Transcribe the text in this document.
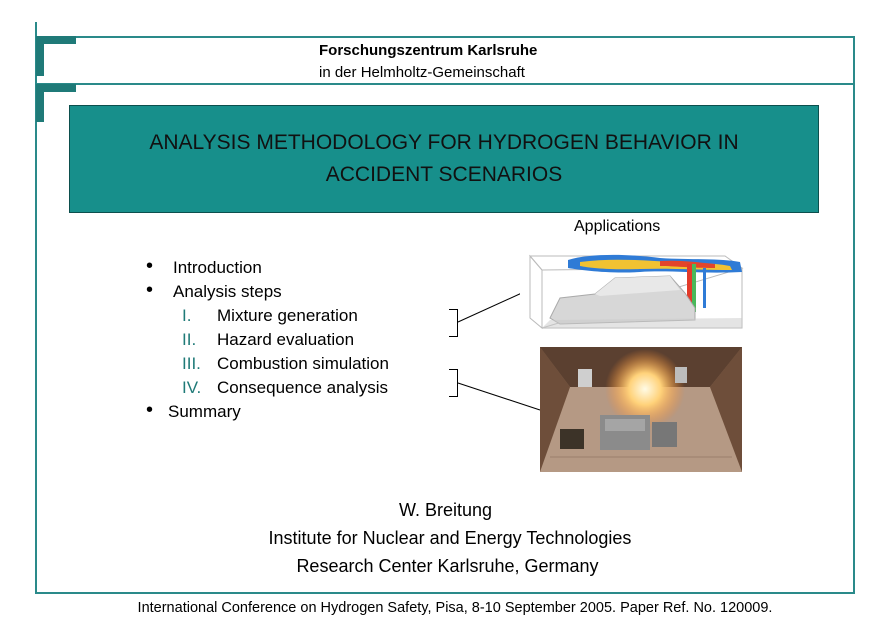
Forschungszentrum Karlsruhe
in der Helmholtz-Gemeinschaft
ANALYSIS METHODOLOGY FOR HYDROGEN BEHAVIOR IN
ACCIDENT SCENARIOS
Applications
• Introduction
• Analysis steps
I. Mixture generation
II. Hazard evaluation
III. Combustion simulation
IV. Consequence analysis
• Summary
W. Breitung
Institute for Nuclear and Energy Technologies
Research Center Karlsruhe, Germany
International Conference on Hydrogen Safety, Pisa, 8-10 September 2005. Paper Ref. No. 120009.
